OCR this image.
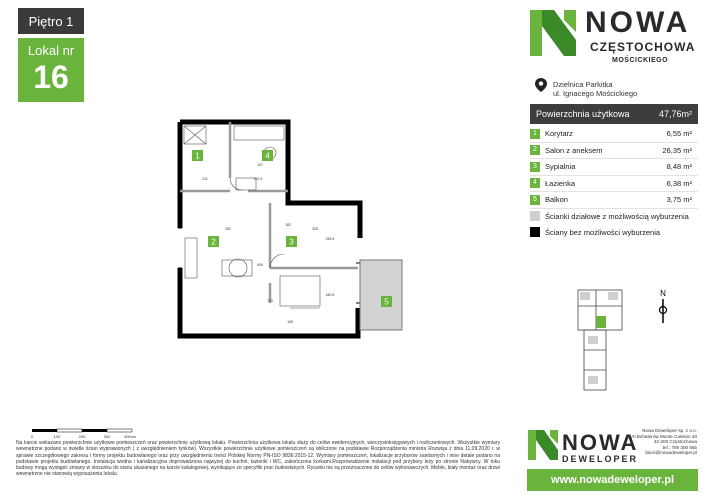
Piętro 1
Lokal nr
16
NOWA
CZĘSTOCHOWA
MOŚCICKIEGO
Dzielnica Parkitka
ul. Ignacego Mościckiego
Powierzchnia użytkowa	47,76m²
1	Korytarz	6,55 m²
2	Salon z aneksem	26,35 m²
3	Sypialnia	8,48 m²
4	Łazienka	6,38 m²
5	Balkon	3,75 m²
Ścianki działowe z możliwością wyburzenia
Ściany bez możliwości wyburzenia
1	4
2	3
5
211	221.5
137
281
182
325
248.5
600
710
180.5
108
N
0	100	200	300	400cm
Na karcie wskazano powierzchnie użytkowe pomieszczeń oraz powierzchnię użytkową lokalu. Powierzchnia użytkowa lokalu służy do celów ewidencyjnych, wieczystoksięgowych i rozliczeniowych. Wszystkie wymiary wewnętrzne podano w świetle ścian wyprawionych ( z uwzględnieniem tynków). Wszystkie powierzchnie użytkowe pomieszczeń są obliczone na podstawie Rozporządzenia ministra Rozwoju z dnia 11.09.2020 r. w sprawie szczegółowego zakresu i formy projektu budowlanego oraz przy uwzględnieniu treści Polskiej Normy PN-ISO 9836:2015-12. Wymiary pomieszczeń, lokalizacje przyborów sanitarnych i inne detale podano na podstawie projektu budowlanego. Instalacja wodna i kanalizacyjna doprowadzona najwyżej do kuchni, łazienki i WC, zakończona korkami.Rozprowadzenie instalacji pod przybory leży po stronie Nabywcy. W toku budowy mogą wystąpić zmiany w stosunku do stanu ukazanego na karcie katalogowej, wynikające ze specyfiki prac budowlanych. Rysunki nie są przeznaczone do celów wykonawczych. Meble, biały montaż oraz drzwi wewnętrzne nie stanowią wyposażenia lokalu.
NOWA
DEWELOPER
Nowa Deweloper sp. z o.o.
Al.Bohaterów Monte Cassino 40
42-200 Częstochowa
tel.: 789 300 665
biuro@nowadeweloper.pl
www.nowadeweloper.pl
